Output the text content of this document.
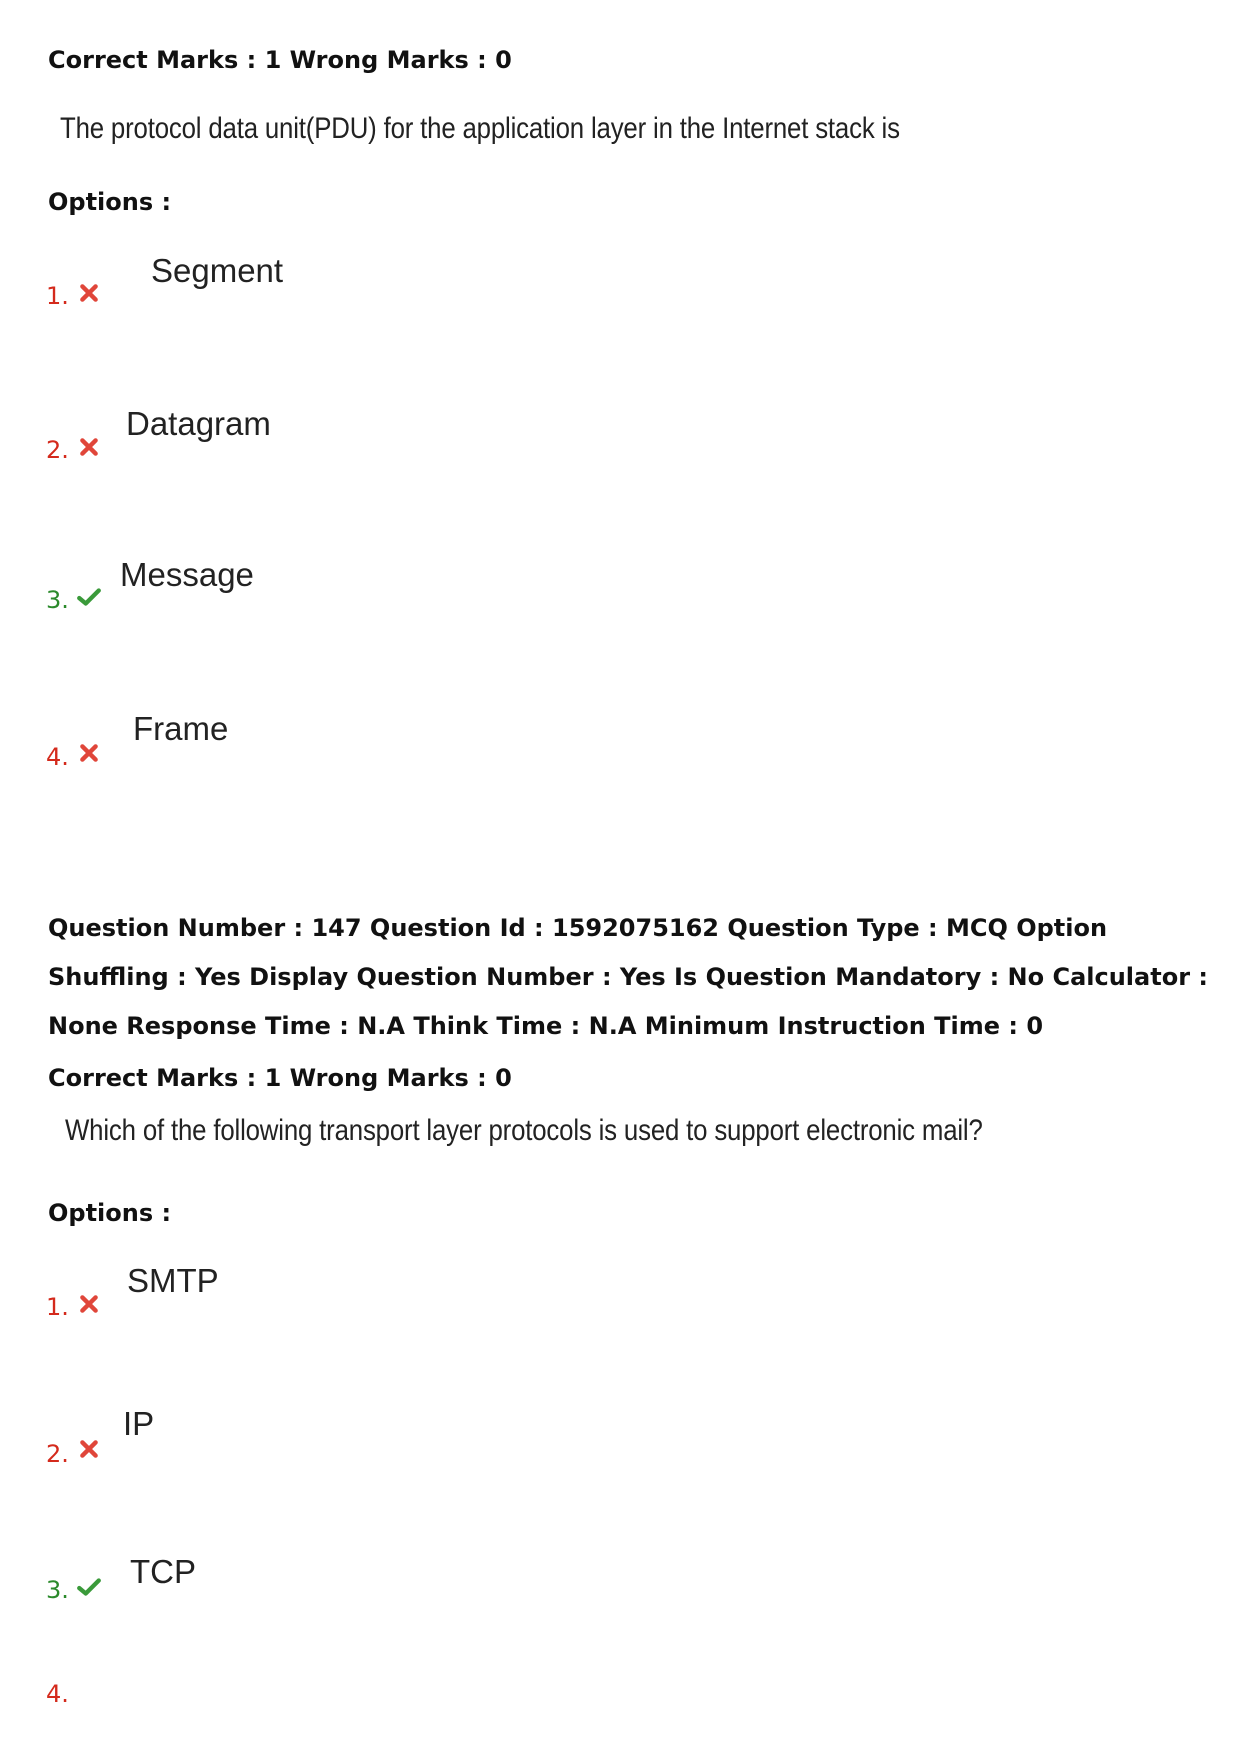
Correct Marks : 1 Wrong Marks : 0
The protocol data unit(PDU) for the application layer in the Internet stack is
Options :
1.
Segment
2.
Datagram
3.
Message
4.
Frame
Question Number : 147 Question Id : 1592075162 Question Type : MCQ Option Shuffling : Yes Display Question Number : Yes Is Question Mandatory : No Calculator : None Response Time : N.A Think Time : N.A Minimum Instruction Time : 0
Correct Marks : 1 Wrong Marks : 0
Which of the following transport layer protocols is used to support electronic mail?
Options :
1.
SMTP
2.
IP
3. TCP
4.
